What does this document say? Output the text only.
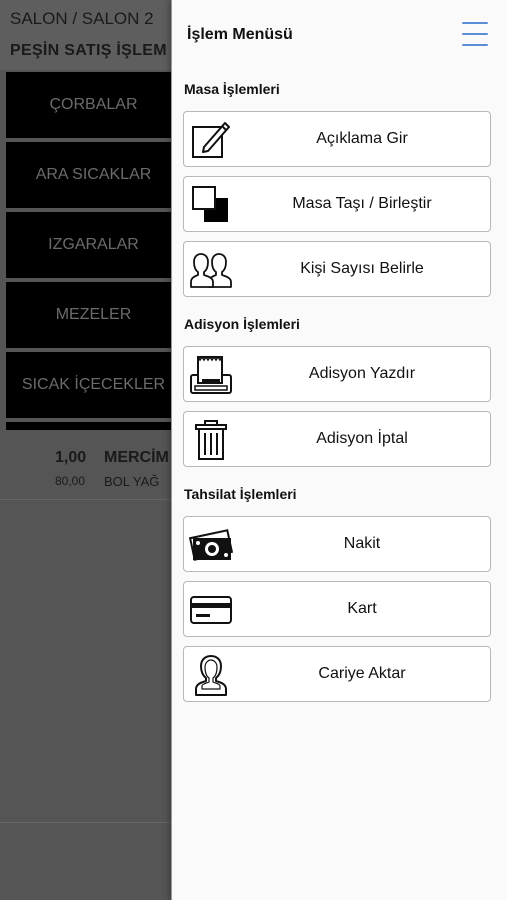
SALON / SALON 2
PEŞİN SATIŞ İŞLEM
ÇORBALAR
ARA SICAKLAR
IZGARALAR
MEZELER
SICAK İÇECEKLER
1,00
80,00
MERCİM
BOL YAĞ
İşlem Menüsü
Masa İşlemleri
Açıklama Gir
Masa Taşı / Birleştir
Kişi Sayısı Belirle
Adisyon İşlemleri
Adisyon Yazdır
Adisyon İptal
Tahsilat İşlemleri
Nakit
Kart
Cariye Aktar
